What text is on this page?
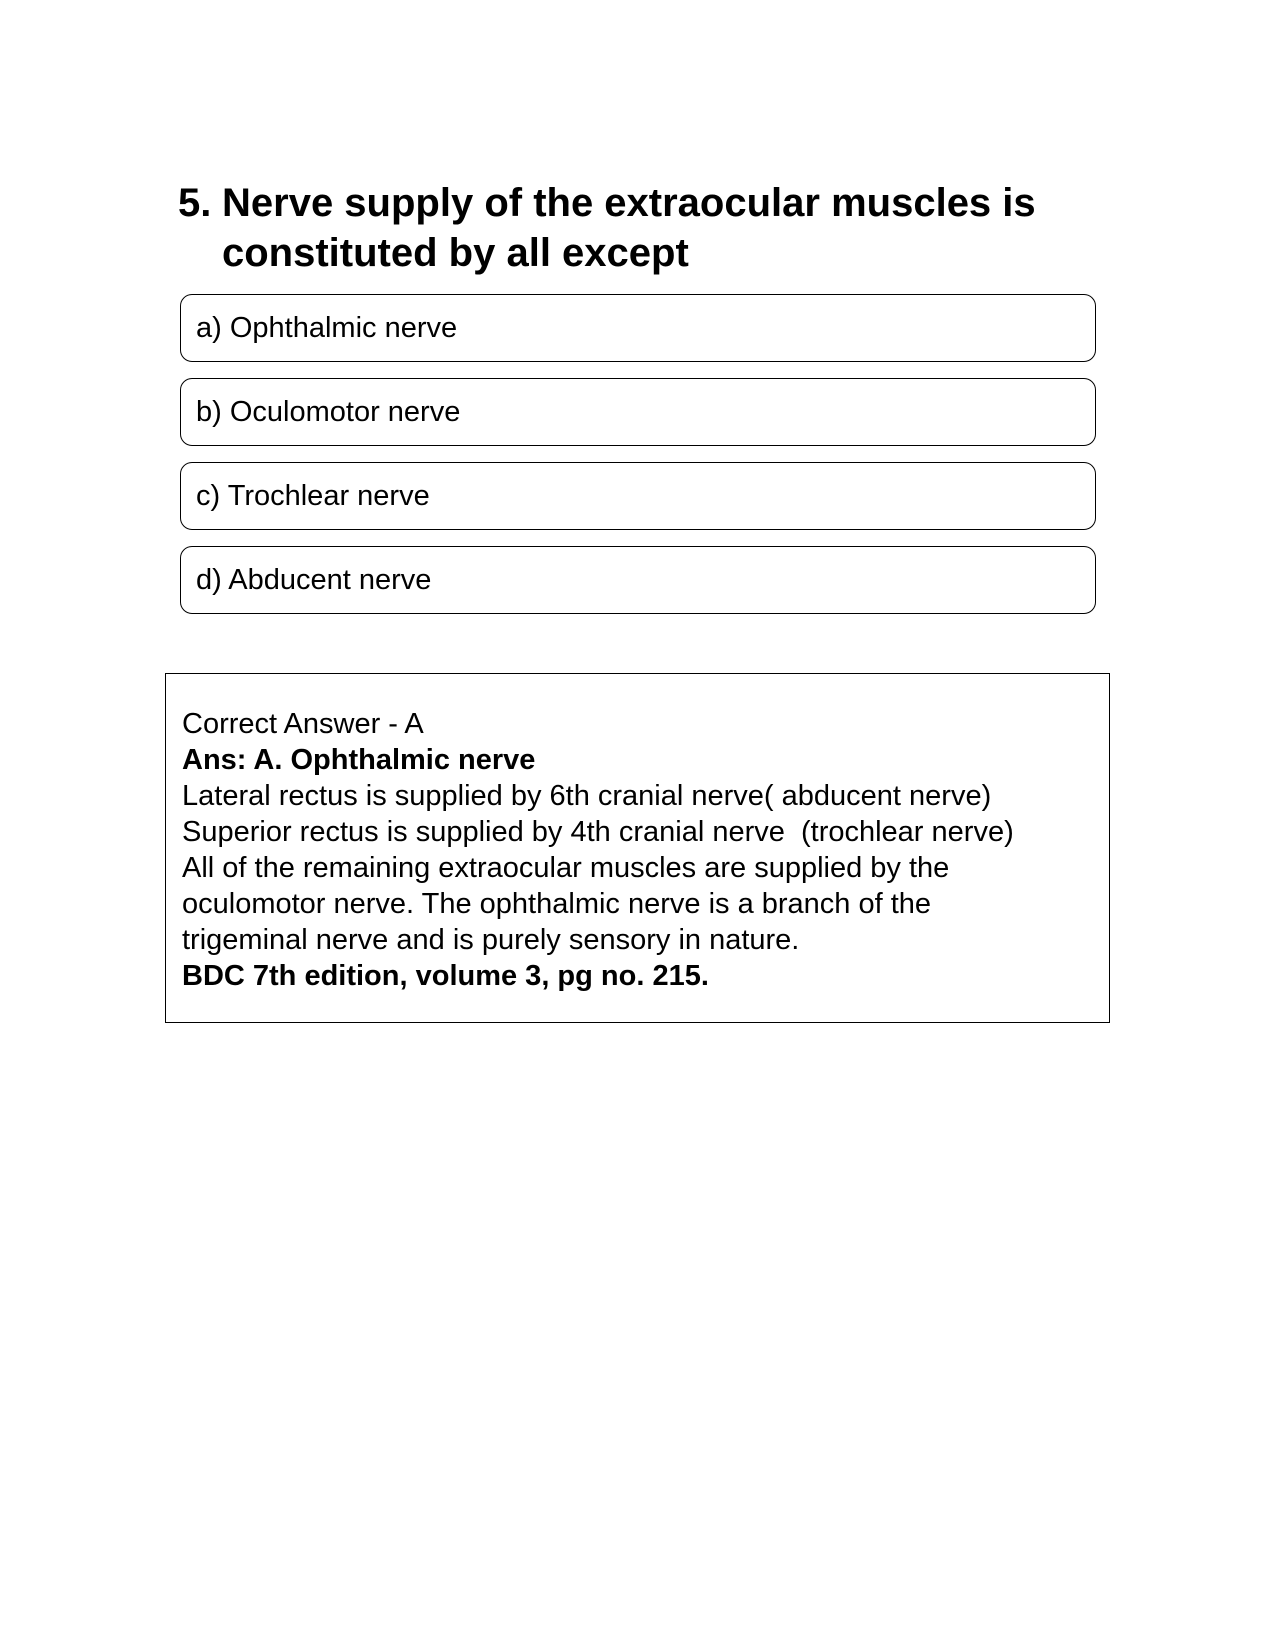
5. Nerve supply of the extraocular muscles is constituted by all except
a) Ophthalmic nerve
b) Oculomotor nerve
c) Trochlear nerve
d) Abducent nerve
Correct Answer - A
Ans: A. Ophthalmic nerve
Lateral rectus is supplied by 6th cranial nerve( abducent nerve)
Superior rectus is supplied by 4th cranial nerve  (trochlear nerve)
All of the remaining extraocular muscles are supplied by the
oculomotor nerve. The ophthalmic nerve is a branch of the
trigeminal nerve and is purely sensory in nature.
BDC 7th edition, volume 3, pg no. 215.
